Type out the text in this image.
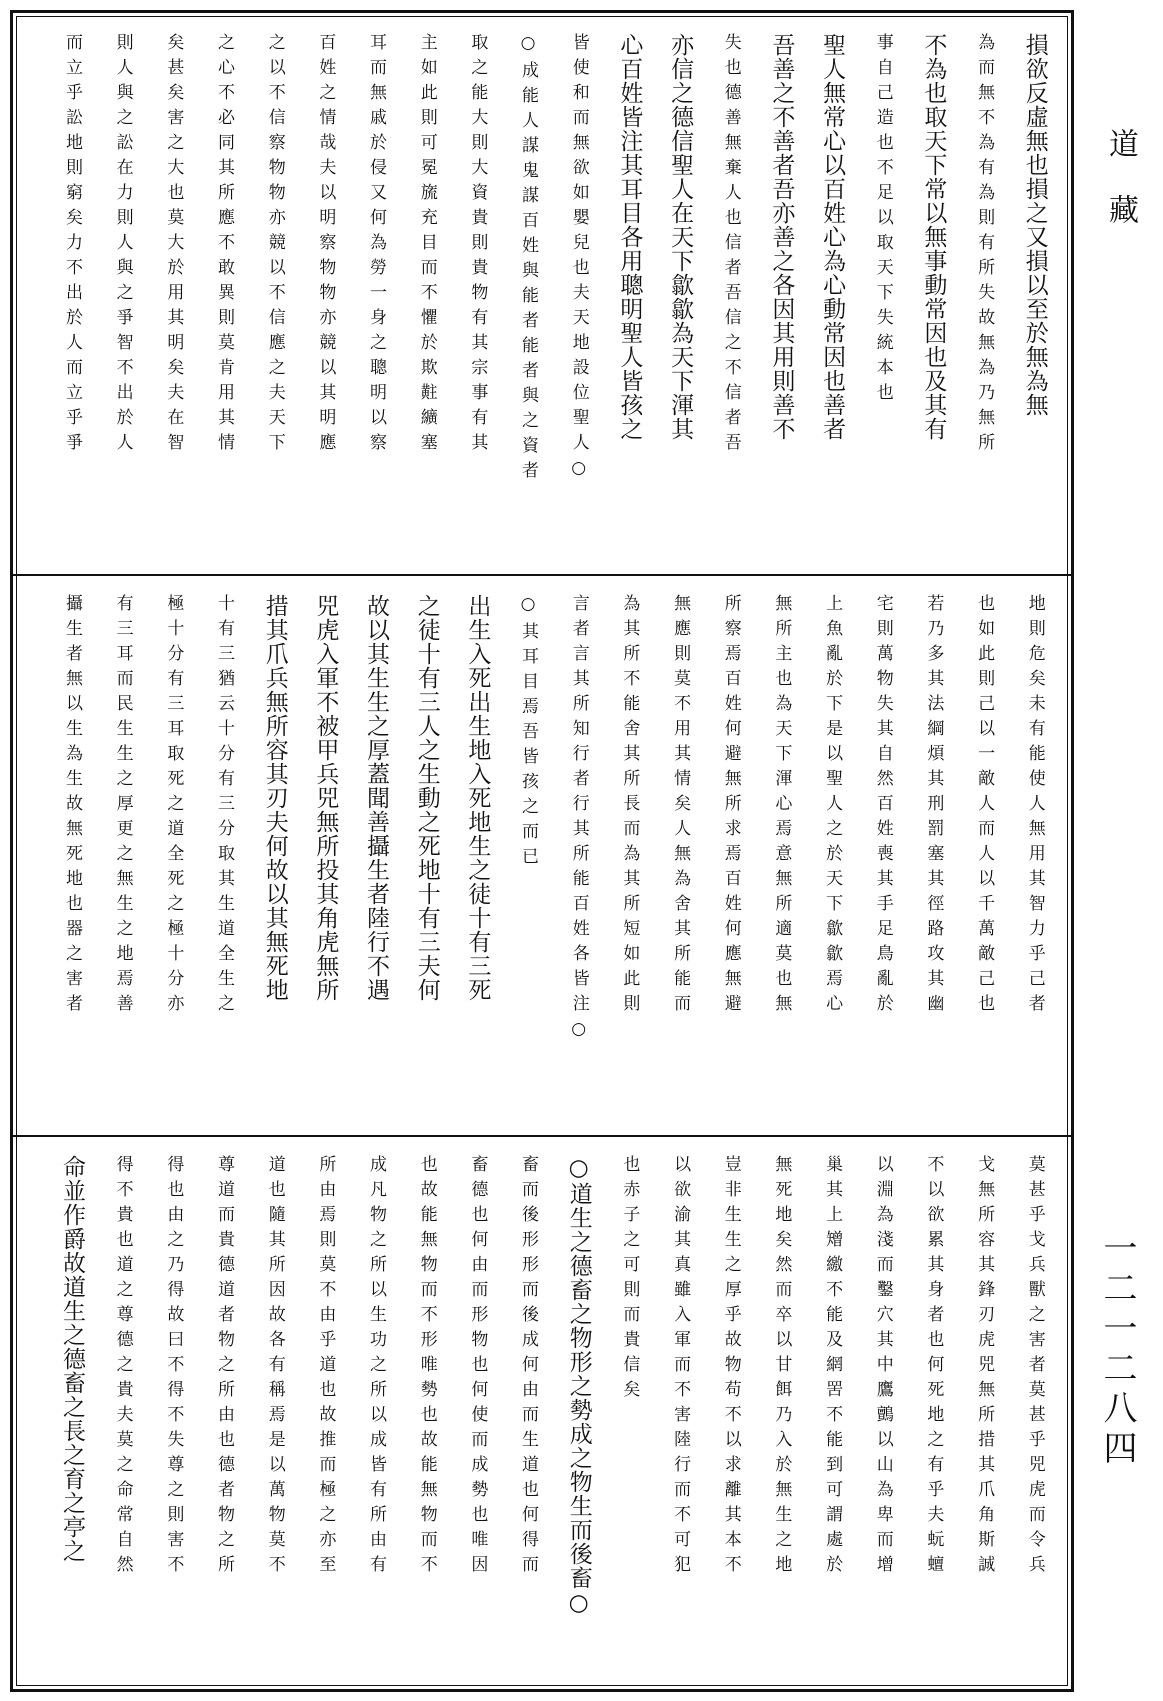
損欲反虛無也損之又損以至於無為無
為而無不為有為則有所失故無為乃無所
不為也取天下常以無事動常因也及其有
事自己造也不足以取天下失統本也
聖人無常心以百姓心為心動常因也善者
吾善之不善者吾亦善之各因其用則善不
失也德善無棄人也信者吾信之不信者吾
亦信之德信聖人在天下歙歙為天下渾其
心百姓皆注其耳目各用聰明聖人皆孩之
皆使和而無欲如嬰兒也夫天地設位聖人○
○成能人謀鬼謀百姓與能者能者與之資者
取之能大則大資貴則貴物有其宗事有其
主如此則可冕旒充目而不懼於欺黈纊塞
耳而無戚於侵又何為勞一身之聰明以察
百姓之情哉夫以明察物物亦競以其明應
之以不信察物物亦競以不信應之夫天下
之心不必同其所應不敢異則莫肯用其情
矣甚矣害之大也莫大於用其明矣夫在智
則人與之訟在力則人與之爭智不出於人
而立乎訟地則窮矣力不出於人而立乎爭
地則危矣未有能使人無用其智力乎己者
也如此則己以一敵人而人以千萬敵己也
若乃多其法綱煩其刑罰塞其徑路攻其幽
宅則萬物失其自然百姓喪其手足鳥亂於
上魚亂於下是以聖人之於天下歙歙焉心
無所主也為天下渾心焉意無所適莫也無
所察焉百姓何避無所求焉百姓何應無避
無應則莫不用其情矣人無為舍其所能而
為其所不能舍其所長而為其所短如此則
言者言其所知行者行其所能百姓各皆注○
○其耳目焉吾皆孩之而已
出生入死出生地入死地生之徒十有三死
之徒十有三人之生動之死地十有三夫何
故以其生生之厚蓋聞善攝生者陸行不遇
兕虎入軍不被甲兵兕無所投其角虎無所
措其爪兵無所容其刃夫何故以其無死地
十有三猶云十分有三分取其生道全生之
極十分有三耳取死之道全死之極十分亦
有三耳而民生生之厚更之無生之地焉善
攝生者無以生為生故無死地也器之害者
莫甚乎戈兵獸之害者莫甚乎兕虎而令兵
戈無所容其鋒刃虎兕無所措其爪角斯誠
不以欲累其身者也何死地之有乎夫蚖蟺
以淵為淺而鑿穴其中鷹鸇以山為卑而增
巢其上矰繳不能及網罟不能到可謂處於
無死地矣然而卒以甘餌乃入於無生之地
豈非生生之厚乎故物苟不以求離其本不
以欲渝其真雖入軍而不害陸行而不可犯
也赤子之可則而貴信矣
○道生之德畜之物形之勢成之物生而後畜○
畜而後形形而後成何由而生道也何得而
畜德也何由而形物也何使而成勢也唯因
也故能無物而不形唯勢也故能無物而不
成凡物之所以生功之所以成皆有所由有
所由焉則莫不由乎道也故推而極之亦至
道也隨其所因故各有稱焉是以萬物莫不
尊道而貴德道者物之所由也德者物之所
得也由之乃得故曰不得不失尊之則害不
得不貴也道之尊德之貴夫莫之命常自然
命並作爵故道生之德畜之長之育之亭之
道藏
一二一二八四
